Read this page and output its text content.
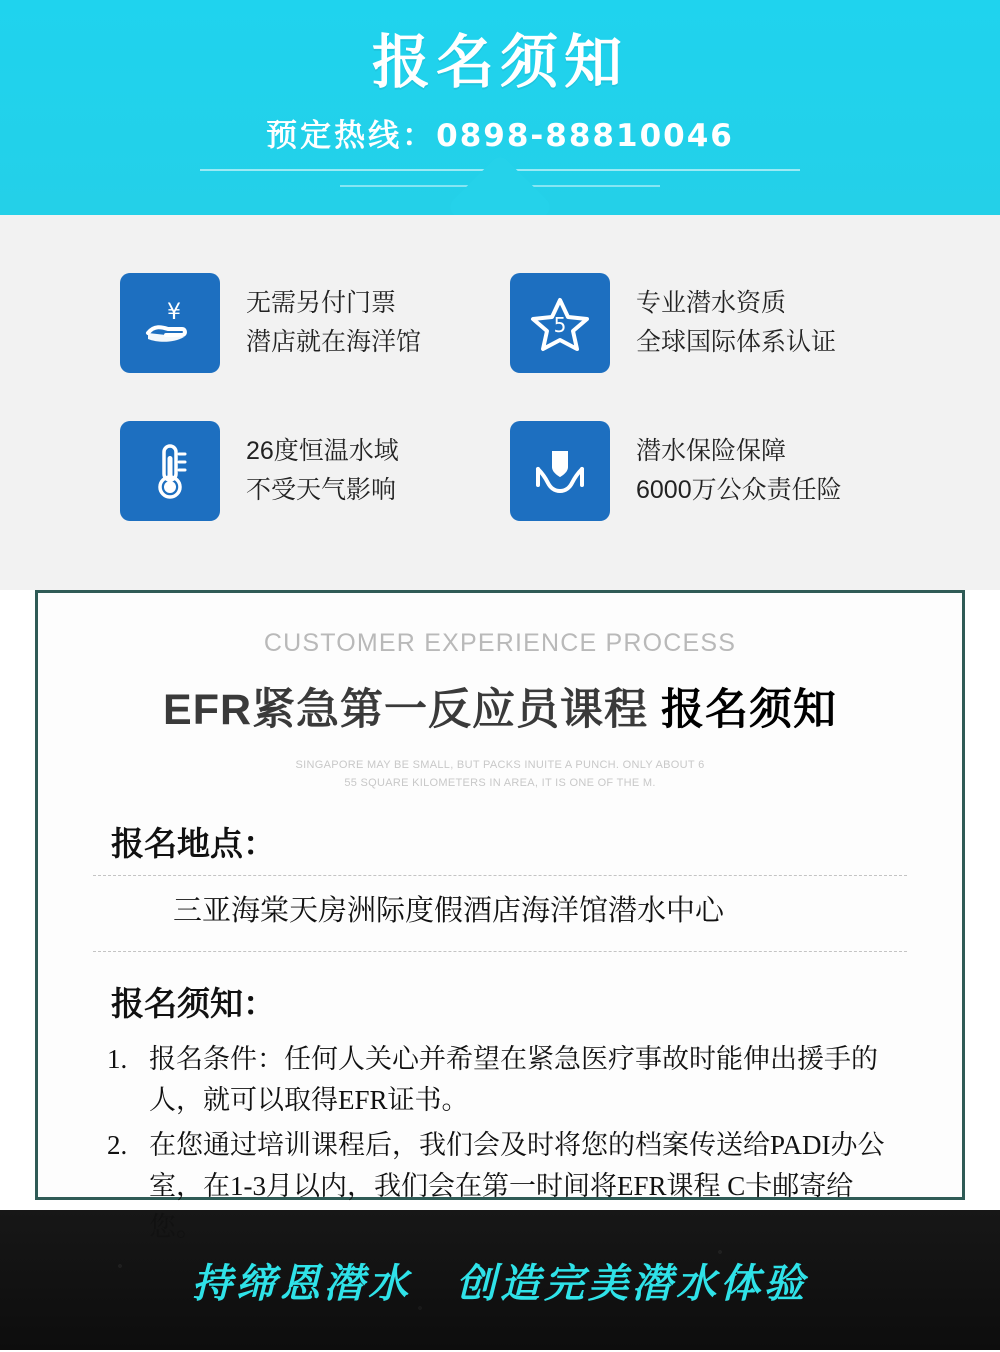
报名须知
预定热线：0898-88810046
¥	无需另付门票
潜店就在海洋馆
5
专业潜水资质
全球国际体系认证
26度恒温水域
不受天气影响
潜水保险保障
6000万公众责任险
CUSTOMER EXPERIENCE PROCESS
EFR紧急第一反应员课程 报名须知
SINGAPORE MAY BE SMALL, BUT PACKS INUITE A PUNCH. ONLY ABOUT 6
55 SQUARE KILOMETERS IN AREA, IT IS ONE OF THE M.
报名地点：
三亚海棠天房洲际度假酒店海洋馆潜水中心
报名须知：
1. 报名条件：任何人关心并希望在紧急医疗事故时能伸出援手的人，就可以取得EFR证书。
2. 在您通过培训课程后，我们会及时将您的档案传送给PADI办公室，在1-3月以内，我们会在第一时间将EFR课程 C卡邮寄给您。
持缔恩潜水　创造完美潜水体验
